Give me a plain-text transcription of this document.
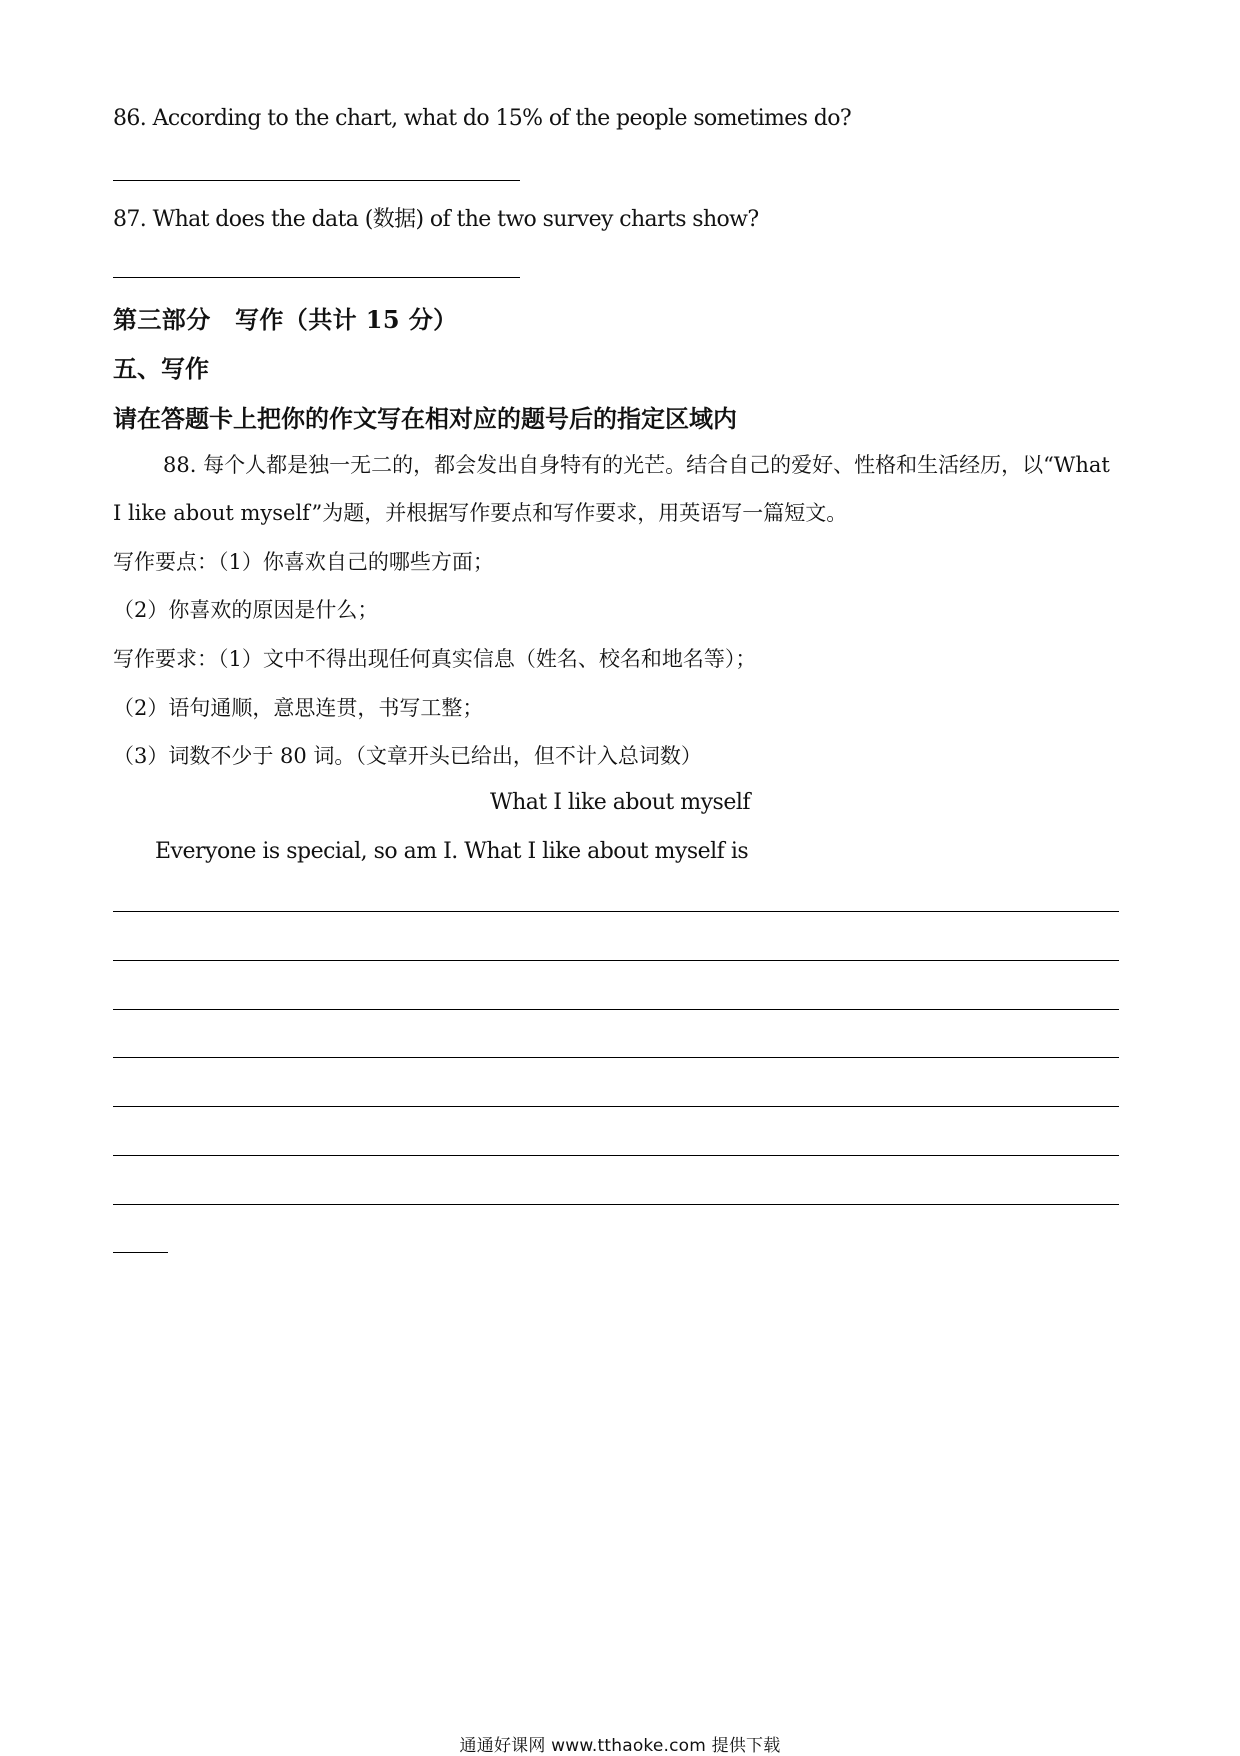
86. According to the chart, what do 15% of the people sometimes do?
87. What does the data (数据) of the two survey charts show?
第三部分　写作（共计 15 分）
五、写作
请在答题卡上把你的作文写在相对应的题号后的指定区域内
88. 每个人都是独一无二的，都会发出自身特有的光芒。结合自己的爱好、性格和生活经历，以“What
I like about myself”为题，并根据写作要点和写作要求，用英语写一篇短文。
写作要点：（1）你喜欢自己的哪些方面；
（2）你喜欢的原因是什么；
写作要求：（1）文中不得出现任何真实信息（姓名、校名和地名等）；
（2）语句通顺，意思连贯，书写工整；
（3）词数不少于 80 词。（文章开头已给出，但不计入总词数）
What I like about myself
Everyone is special, so am I. What I like about myself is
通通好课网 www.tthaoke.com 提供下载
